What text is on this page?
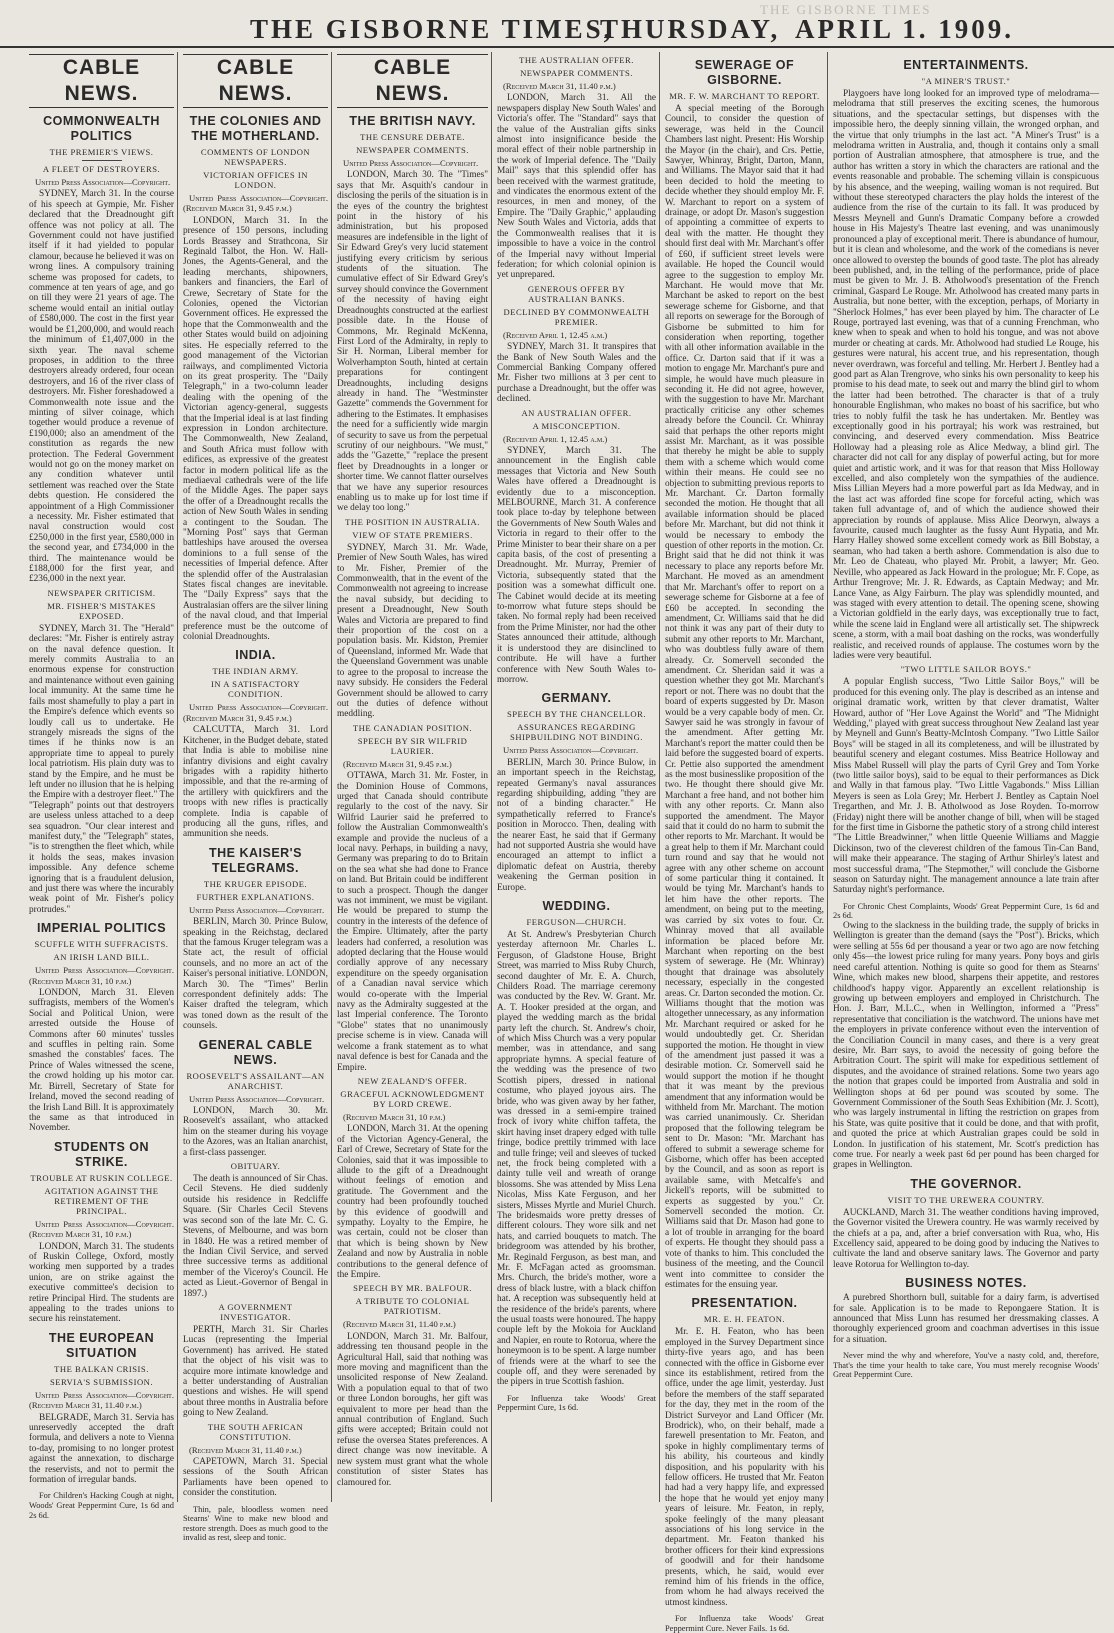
THE GISBORNE TIMES
THE GISBORNE TIMES,
THURSDAY, APRIL 1. 1909.
CABLE NEWS.
COMMONWEALTH POLITICS
THE PREMIER'S VIEWS.
A FLEET OF DESTROYERS.
United Press Association—Copyright.

SYDNEY, March 31. In the course of his speech at Gympie, Mr. Fisher declared that the Dreadnought gift offence was not policy at all. The Government could not have justified itself if it had yielded to popular clamour, because he believed it was on wrong lines. A compulsory training scheme was proposed for cadets, to commence at ten years of age, and go on till they were 21 years of age. The scheme would entail an initial outlay of £580,000. The cost in the first year would be £1,200,000, and would reach the minimum of £1,407,000 in the sixth year. The naval scheme proposes, in addition to the three destroyers already ordered, four ocean destroyers, and 16 of the river class of destroyers. Mr. Fisher foreshadowed a Commonwealth note issue and the minting of silver coinage, which together would produce a revenue of £190,000; also an amendment of the constitution as regards the new protection. The Federal Government would not go on the money market on any condition whatever until settlement was reached over the State debts question. He considered the appointment of a High Commissioner a necessity. Mr. Fisher estimated that naval construction would cost £250,000 in the first year, £580,000 in the second year, and £734,000 in the third. The maintenance would be £188,000 for the first year, and £236,000 in the next year.

NEWSPAPER CRITICISM.
MR. FISHER'S MISTAKES EXPOSED.

SYDNEY, March 31. The "Herald" declares: "Mr. Fisher is entirely astray on the naval defence question. It merely commits Australia to an enormous expense for construction and maintenance without even gaining local immunity. At the same time he fails most shamefully to play a part in the Empire's defence which events so loudly call us to undertake. He strangely misreads the signs of the times if he thinks now is an appropriate time to appeal to purely local patriotism. His plain duty was to stand by the Empire, and he must be left under no illusion that he is helping the Empire with a destroyer fleet." The "Telegraph" points out that destroyers are useless unless attached to a deep sea squadron. "Our clear interest and manifest duty," the "Telegraph" states, "is to strengthen the fleet which, while it holds the seas, makes invasion impossible. Any defence scheme ignoring that is a fraudulent delusion, and just there was where the incurably weak point of Mr. Fisher's policy protrudes."

IMPERIAL POLITICS
SCUFFLE WITH SUFFRACISTS.
AN IRISH LAND BILL.
United Press Association—Copyright. (Received March 31, 10 p.m.)

LONDON, March 31. Eleven suffragists, members of the Women's Social and Political Union, were arrested outside the House of Commons after 60 minutes' tussles and scuffles in pelting rain. Some smashed the constables' faces. The Prince of Wales witnessed the scene, the crowd holding up his motor car. Mr. Birrell, Secretary of State for Ireland, moved the second reading of the Irish Land Bill. It is approximately the same as that introduced in November.

STUDENTS ON STRIKE.
TROUBLE AT RUSKIN COLLEGE.
AGITATION AGAINST THE RETIREMENT OF THE PRINCIPAL.
United Press Association—Copyright. (Received March 31, 10 p.m.)

LONDON, March 31. The students of Ruskin College, Oxford, mostly working men supported by a trades union, are on strike against the executive committee's decision to retire Principal Hird. The students are appealing to the trades unions to secure his reinstatement.

THE EUROPEAN SITUATION
THE BALKAN CRISIS.
SERVIA'S SUBMISSION.
United Press Association—Copyright. (Received March 31, 11.40 p.m.)

BELGRADE, March 31. Servia has unreservedly accepted the draft formula, and delivers a note to Vienna to-day, promising to no longer protest against the annexation, to discharge the reservists, and not to permit the formation of irregular bands.

For Children's Hacking Cough at night, Woods' Great Peppermint Cure, 1s 6d and 2s 6d.

CABLE NEWS.
THE COLONIES AND THE MOTHERLAND.
COMMENTS OF LONDON NEWSPAPERS.
VICTORIAN OFFICES IN LONDON.
United Press Association—Copyright. (Received March 31, 9.45 p.m.)

LONDON, March 31. In the presence of 150 persons, including Lords Brassey and Strathcona, Sir Reginald Talbot, the Hon. W. Hall-Jones, the Agents-General, and the leading merchants, shipowners, bankers and financiers, the Earl of Crewe, Secretary of State for the Colonies, opened the Victorian Government offices. He expressed the hope that the Commonwealth and the other States would build on adjoining sites. He especially referred to the good management of the Victorian railways, and complimented Victoria on its great prosperity. The "Daily Telegraph," in a two-column leader dealing with the opening of the Victorian agency-general, suggests that the Imperial ideal is at last finding expression in London architecture. The Commonwealth, New Zealand, and South Africa must follow with edifices, as expressive of the greatest factor in modern political life as the mediaeval cathedrals were of the life of the Middle Ages. The paper says the offer of a Dreadnought recalls the action of New South Wales in sending a contingent to the Soudan. The "Morning Post" says that German battleships have aroused the oversea dominions to a full sense of the necessities of Imperial defence. After the splendid offer of the Australasian States fiscal changes are inevitable. The "Daily Express" says that the Australasian offers are the silver lining of the naval cloud, and that Imperial preference must be the outcome of colonial Dreadnoughts.

INDIA.
THE INDIAN ARMY.
IN A SATISFACTORY CONDITION.
United Press Association—Copyright. (Received March 31, 9.45 p.m.)

CALCUTTA, March 31. Lord Kitchener, in the Budget debate, stated that India is able to mobilise nine infantry divisions and eight cavalry brigades with a rapidity hitherto impossible, and that the re-arming of the artillery with quickfirers and the troops with new rifles is practically complete. India is capable of producing all the guns, rifles, and ammunition she needs.

THE KAISER'S TELEGRAMS.
THE KRUGER EPISODE.
FURTHER EXPLANATIONS.
United Press Association—Copyright.

BERLIN, March 30. Prince Bulow, speaking in the Reichstag, declared that the famous Kruger telegram was a State act, the result of official counsels, and no more an act of the Kaiser's personal initiative. LONDON, March 30. The "Times" Berlin correspondent definitely adds: The Kaiser drafted the telegram, which was toned down as the result of the counsels.

GENERAL CABLE NEWS.
ROOSEVELT'S ASSAILANT—AN ANARCHIST.
United Press Association—Copyright.

LONDON, March 30. Mr. Roosevelt's assailant, who attacked him on the steamer during his voyage to the Azores, was an Italian anarchist, a first-class passenger.

OBITUARY.

The death is announced of Sir Chas. Cecil Stevens. He died suddenly outside his residence in Redcliffe Square. (Sir Charles Cecil Stevens was second son of the late Mr. C. G. Stevens, of Melbourne, and was born in 1840. He was a retired member of the Indian Civil Service, and served three successive terms as additional member of the Viceroy's Council. He acted as Lieut.-Governor of Bengal in 1897.)

A GOVERNMENT INVESTIGATOR.

PERTH, March 31. Sir Charles Lucas (representing the Imperial Government) has arrived. He stated that the object of his visit was to acquire more intimate knowledge and a better understanding of Australian questions and wishes. He will spend about three months in Australia before going to New Zealand.

THE SOUTH AFRICAN CONSTITUTION.
(Received March 31, 11.40 p.m.)

CAPETOWN, March 31. Special sessions of the South African Parliaments have been opened to consider the constitution.

Thin, pale, bloodless women need Stearns' Wine to make new blood and restore strength. Does as much good to the invalid as rest, sleep and tonic.

CABLE NEWS.
THE BRITISH NAVY.
THE CENSURE DEBATE.
NEWSPAPER COMMENTS.
United Press Association—Copyright.

LONDON, March 30. The "Times" says that Mr. Asquith's candour in disclosing the perils of the situation is in the eyes of the country the brightest point in the history of his administration, but his proposed measures are indefensible in the light of Sir Edward Grey's very lucid statement justifying every criticism by serious students of the situation. The cumulative effect of Sir Edward Grey's survey should convince the Government of the necessity of having eight Dreadnoughts constructed at the earliest possible date. In the House of Commons, Mr. Reginald McKenna, First Lord of the Admiralty, in reply to Sir H. Norman, Liberal member for Wolverhampton South, hinted at certain preparations for contingent Dreadnoughts, including designs already in hand. The "Westminster Gazette" commends the Government for adhering to the Estimates. It emphasises the need for a sufficiently wide margin of security to save us from the perpetual scrutiny of our neighbours. "We must," adds the "Gazette," "replace the present fleet by Dreadnoughts in a longer or shorter time. We cannot flatter ourselves that we have any superior resources enabling us to make up for lost time if we delay too long."

THE POSITION IN AUSTRALIA.
VIEW OF STATE PREMIERS.

SYDNEY, March 31. Mr. Wade, Premier of New South Wales, has wired to Mr. Fisher, Premier of the Commonwealth, that in the event of the Commonwealth not agreeing to increase the naval subsidy, but deciding to present a Dreadnought, New South Wales and Victoria are prepared to find their proportion of the cost on a population basis. Mr. Kidston, Premier of Queensland, informed Mr. Wade that the Queensland Government was unable to agree to the proposal to increase the navy subsidy. He considers the Federal Government should be allowed to carry out the duties of defence without meddling.

THE CANADIAN POSITION.
SPEECH BY SIR WILFRID LAURIER.
(Received March 31, 9.45 p.m.)

OTTAWA, March 31. Mr. Foster, in the Dominion House of Commons, urged that Canada should contribute regularly to the cost of the navy. Sir Wilfrid Laurier said he preferred to follow the Australian Commonwealth's example and provide the nucleus of a local navy. Perhaps, in building a navy, Germany was preparing to do to Britain on the sea what she had done to France on land. But Britain could be indifferent to such a prospect. Though the danger was not imminent, we must be vigilant. He would be prepared to stump the country in the interests of the defence of the Empire. Ultimately, after the party leaders had conferred, a resolution was adopted declaring that the House would cordially approve of any necessary expenditure on the speedy organisation of a Canadian naval service which would co-operate with the Imperial navy as the Admiralty suggested at the last Imperial conference. The Toronto "Globe" states that no unanimously precise scheme is in view. Canada will welcome a frank statement as to what naval defence is best for Canada and the Empire.

NEW ZEALAND'S OFFER.
GRACEFUL ACKNOWLEDGMENT BY LORD CREWE.
(Received March 31, 10 p.m.)

LONDON, March 31. At the opening of the Victorian Agency-General, the Earl of Crewe, Secretary of State for the Colonies, said that it was impossible to allude to the gift of a Dreadnought without feelings of emotion and gratitude. The Government and the country had been profoundly touched by this evidence of goodwill and sympathy. Loyalty to the Empire, he was certain, could not be closer than that which is being shown by New Zealand and now by Australia in noble contributions to the general defence of the Empire.

SPEECH BY MR. BALFOUR.
A TRIBUTE TO COLONIAL PATRIOTISM.
(Received March 31, 11.40 p.m.)

LONDON, March 31. Mr. Balfour, addressing ten thousand people in the Agricultural Hall, said that nothing was more moving and magnificent than the unsolicited response of New Zealand. With a population equal to that of two or three London boroughs, her gift was equivalent to more per head than the annual contribution of England. Such gifts were accepted; Britain could not refuse the oversea States preferences. A direct change was now inevitable. A new system must grant what the whole constitution of sister States has clamoured for.

THE AUSTRALIAN OFFER.
NEWSPAPER COMMENTS.
(Received March 31, 11.40 p.m.)

LONDON, March 31. All the newspapers display New South Wales' and Victoria's offer. The "Standard" says that the value of the Australian gifts sinks almost into insignificance beside the moral effect of their noble partnership in the work of Imperial defence. The "Daily Mail" says that this splendid offer has been received with the warmest gratitude, and vindicates the enormous extent of the resources, in men and money, of the Empire. The "Daily Graphic," applauding New South Wales and Victoria, adds that the Commonwealth realises that it is impossible to have a voice in the control of the Imperial navy without Imperial federation; for which colonial opinion is yet unprepared.

GENEROUS OFFER BY AUSTRALIAN BANKS.
DECLINED BY COMMONWEALTH PREMIER.
(Received April 1, 12.45 a.m.)

SYDNEY, March 31. It transpires that the Bank of New South Wales and the Commercial Banking Company offered Mr. Fisher two millions at 3 per cent to purchase a Dreadnought, but the offer was declined.

AN AUSTRALIAN OFFER.
A MISCONCEPTION.
(Received April 1, 12.45 a.m.)

SYDNEY, March 31. The announcement in the English cable messages that Victoria and New South Wales have offered a Dreadnought is evidently due to a misconception. MELBOURNE, March 31. A conference took place to-day by telephone between the Governments of New South Wales and Victoria in regard to their offer to the Prime Minister to bear their share on a per capita basis, of the cost of presenting a Dreadnought. Mr. Murray, Premier of Victoria, subsequently stated that the position was a somewhat difficult one. The Cabinet would decide at its meeting to-morrow what future steps should be taken. No formal reply had been received from the Prime Minister, nor had the other States announced their attitude, although it is understood they are disinclined to contribute. He will have a further conference with New South Wales to-morrow.

GERMANY.
SPEECH BY THE CHANCELLOR.
ASSURANCES REGARDING SHIPBUILDING NOT BINDING.
United Press Association—Copyright.

BERLIN, March 30. Prince Bulow, in an important speech in the Reichstag, repeated Germany's naval assurances regarding shipbuilding, adding "they are not of a binding character." He sympathetically referred to France's position in Morocco. Then, dealing with the nearer East, he said that if Germany had not supported Austria she would have encouraged an attempt to inflict a diplomatic defeat on Austria, thereby weakening the German position in Europe.

WEDDING.
FERGUSON—CHURCH.

At St. Andrew's Presbyterian Church yesterday afternoon Mr. Charles L. Ferguson, of Gladstone House, Bright Street, was married to Miss Ruby Church, second daughter of Mr. E. A. Church, Childers Road. The marriage ceremony was conducted by the Rev. W. Grant. Mr. A. T. Hooker presided at the organ, and played the wedding march as the bridal party left the church. St. Andrew's choir, of which Miss Church was a very popular member, was in attendance, and sang appropriate hymns. A special feature of the wedding was the presence of two Scottish pipers, dressed in national costume, who played joyous airs. The bride, who was given away by her father, was dressed in a semi-empire trained frock of ivory white chiffon taffeta, the skirt having inset drapery edged with tulle fringe, bodice prettily trimmed with lace and tulle fringe; veil and sleeves of tucked net, the frock being completed with a dainty tulle veil and wreath of orange blossoms. She was attended by Miss Lena Nicolas, Miss Kate Ferguson, and her sisters, Misses Myrtle and Muriel Church. The bridesmaids wore pretty dresses of different colours. They wore silk and net hats, and carried bouquets to match. The bridegroom was attended by his brother, Mr. Reginald Ferguson, as best man, and Mr. F. McFagan acted as groomsman. Mrs. Church, the bride's mother, wore a dress of black lustre, with a black chiffon hat. A reception was subsequently held at the residence of the bride's parents, where the usual toasts were honoured. The happy couple left by the Mokoia for Auckland and Napier, en route to Rotorua, where the honeymoon is to be spent. A large number of friends were at the wharf to see the couple off, and they were serenaded by the pipers in true Scottish fashion.

For Influenza take Woods' Great Peppermint Cure, 1s 6d.

SEWERAGE OF GISBORNE.
MR. F. W. MARCHANT TO REPORT.

A special meeting of the Borough Council, to consider the question of sewerage, was held in the Council Chambers last night. Present: His Worship the Mayor (in the chair), and Crs. Pettie, Sawyer, Whinray, Bright, Darton, Mann, and Williams. The Mayor said that it had been decided to hold the meeting to decide whether they should employ Mr. F. W. Marchant to report on a system of drainage, or adopt Dr. Mason's suggestion of appointing a committee of experts to deal with the matter. He thought they should first deal with Mr. Marchant's offer of £60, if sufficient street levels were available. He hoped the Council would agree to the suggestion to employ Mr. Marchant. He would move that Mr. Marchant be asked to report on the best sewerage scheme for Gisborne, and that all reports on sewerage for the Borough of Gisborne be submitted to him for consideration when reporting, together with all other information available in the office. Cr. Darton said that if it was a motion to engage Mr. Marchant's pure and simple, he would have much pleasure in seconding it. He did not agree, however, with the suggestion to have Mr. Marchant practically criticise any other schemes already before the Council. Cr. Whinray said that perhaps the other reports might assist Mr. Marchant, as it was possible that thereby he might be able to supply them with a scheme which would come within their means. He could see no objection to submitting previous reports to Mr. Marchant. Cr. Darton formally seconded the motion. He thought that all available information should be placed before Mr. Marchant, but did not think it would be necessary to embody the question of other reports in the motion. Cr. Bright said that he did not think it was necessary to place any reports before Mr. Marchant. He moved as an amendment that Mr. Marchant's offer to report on a sewerage scheme for Gisborne at a fee of £60 be accepted. In seconding the amendment, Cr. Williams said that he did not think it was any part of their duty to submit any other reports to Mr. Marchant, who was doubtless fully aware of them already. Cr. Somervell seconded the amendment. Cr. Sheridan said it was a question whether they got Mr. Marchant's report or not. There was no doubt that the board of experts suggested by Dr. Mason would be a very capable body of men. Cr. Sawyer said he was strongly in favour of the amendment. After getting Mr. Marchant's report the matter could then be laid before the suggested board of experts. Cr. Pettie also supported the amendment as the most businesslike proposition of the two. He thought there should give Mr. Marchant a free hand, and not bother him with any other reports. Cr. Mann also supported the amendment. The Mayor said that it could do no harm to submit the other reports to Mr. Marchant. It would be a great help to them if Mr. Marchant could turn round and say that he would not agree with any other scheme on account of some particular thing it contained. It would be tying Mr. Marchant's hands to let him have the other reports. The amendment, on being put to the meeting, was carried by six votes to four. Cr. Whinray moved that all available information be placed before Mr. Marchant when reporting on the best system of sewerage. He (Mr. Whinray) thought that drainage was absolutely necessary, especially in the congested areas. Cr. Darton seconded the motion. Cr. Williams thought that the motion was altogether unnecessary, as any information Mr. Marchant required or asked for he would undoubtedly get. Cr. Sheridan supported the motion. He thought in view of the amendment just passed it was a desirable motion. Cr. Somervell said he would support the motion if he thought that it was meant by the previous amendment that any information would be withheld from Mr. Marchant. The motion was carried unanimously. Cr. Sheridan proposed that the following telegram be sent to Dr. Mason: "Mr. Marchant has offered to submit a sewerage scheme for Gisborne, which offer has been accepted by the Council, and as soon as report is available same, with Metcalfe's and Jickell's reports, will be submitted to experts as suggested by you." Cr. Somervell seconded the motion. Cr. Williams said that Dr. Mason had gone to a lot of trouble in arranging for the board of experts. He thought they should pass a vote of thanks to him. This concluded the business of the meeting, and the Council went into committee to consider the estimates for the ensuing year.

PRESENTATION.
MR. E. H. FEATON.

Mr. E. H. Featon, who has been employed in the Survey Department since thirty-five years ago, and has been connected with the office in Gisborne ever since its establishment, retired from the office, under the age limit, yesterday. Just before the members of the staff separated for the day, they met in the room of the District Surveyor and Land Officer (Mr. Brodrick), who, on their behalf, made a farewell presentation to Mr. Featon, and spoke in highly complimentary terms of his ability, his courteous and kindly disposition, and his popularity with his fellow officers. He trusted that Mr. Featon had had a very happy life, and expressed the hope that he would yet enjoy many years of leisure. Mr. Featon, in reply, spoke feelingly of the many pleasant associations of his long service in the department. Mr. Featon thanked his brother officers for their kind expressions of goodwill and for their handsome presents, which, he said, would ever remind him of his friends in the office, from whom he had always received the utmost kindness.

For Influenza take Woods' Great Peppermint Cure. Never Fails. 1s 6d.

ENTERTAINMENTS.
"A MINER'S TRUST."

Playgoers have long looked for an improved type of melodrama—melodrama that still preserves the exciting scenes, the humorous situations, and the spectacular settings, but dispenses with the impossible hero, the deeply sinning villain, the wronged orphan, and the virtue that only triumphs in the last act. "A Miner's Trust" is a melodrama written in Australia, and, though it contains only a small portion of Australian atmosphere, that atmosphere is true, and the author has written a story in which the characters are rational and the events reasonable and probable. The scheming villain is conspicuous by his absence, and the weeping, wailing woman is not required. But without these stereotyped characters the play holds the interest of the audience from the rise of the curtain to its fall. It was produced by Messrs Meynell and Gunn's Dramatic Company before a crowded house in His Majesty's Theatre last evening, and was unanimously pronounced a play of exceptional merit. There is abundance of humour, but it is clean and wholesome, and the work of the comedians is never once allowed to overstep the bounds of good taste. The plot has already been published, and, in the telling of the performance, pride of place must be given to Mr. J. B. Atholwood's presentation of the French criminal, Gaspard Le Rouge. Mr. Atholwood has created many parts in Australia, but none better, with the exception, perhaps, of Moriarty in "Sherlock Holmes," has ever been played by him. The character of Le Rouge, portrayed last evening, was that of a cunning Frenchman, who knew when to speak and when to hold his tongue, and was not above murder or cheating at cards. Mr. Atholwood had studied Le Rouge, his gestures were natural, his accent true, and his representation, though never overdrawn, was forceful and telling. Mr. Herbert J. Bentley had a good part as Alan Trengrove, who sinks his own personality to keep his promise to his dead mate, to seek out and marry the blind girl to whom the latter had been betrothed. The character is that of a truly honourable Englishman, who makes no boast of his sacrifice, but who tries to nobly fulfil the task he has undertaken. Mr. Bentley was exceptionally good in his portrayal; his work was restrained, but convincing, and deserved every commendation. Miss Beatrice Holloway had a pleasing role as Alice Medway, a blind girl. The character did not call for any display of powerful acting, but for more quiet and artistic work, and it was for that reason that Miss Holloway excelled, and also completely won the sympathies of the audience. Miss Lillian Meyers had a more powerful part as Ida Medway, and in the last act was afforded fine scope for forceful acting, which was taken full advantage of, and of which the audience showed their appreciation by rounds of applause. Miss Alice Deorwyn, always a favourite, caused much laughter as the fussy Aunt Hypatia, and Mr. Harry Halley showed some excellent comedy work as Bill Bobstay, a seaman, who had taken a berth ashore. Commendation is also due to Mr. Leo de Chateau, who played Mr. Probit, a lawyer; Mr. Geo. Neville, who appeared as Jack Howard in the prologue; Mr. F. Cope, as Arthur Trengrove; Mr. J. R. Edwards, as Captain Medway; and Mr. Lance Vane, as Algy Fairburn. The play was splendidly mounted, and was staged with every attention to detail. The opening scene, showing a Victorian goldfield in the early days, was exceptionally true to fact, while the scene laid in England were all artistically set. The shipwreck scene, a storm, with a mail boat dashing on the rocks, was wonderfully realistic, and received rounds of applause. The costumes worn by the ladies were very beautiful.

"TWO LITTLE SAILOR BOYS."

A popular English success, "Two Little Sailor Boys," will be produced for this evening only. The play is described as an intense and original dramatic work, written by that clever dramatist, Walter Howard, author of "Her Love Against the World" and "The Midnight Wedding," played with great success throughout New Zealand last year by Meynell and Gunn's Beatty-McIntosh Company. "Two Little Sailor Boys" will be staged in all its completeness, and will be illustrated by beautiful scenery and elegant costumes. Miss Beatrice Holloway and Miss Mabel Russell will play the parts of Cyril Grey and Tom Yorke (two little sailor boys), said to be equal to their performances as Dick and Wally in that famous play. "Two Little Vagabonds." Miss Lillian Meyers is seen as Lola Grey; Mr. Herbert J. Bentley as Captain Noel Tregarthen, and Mr. J. B. Atholwood as Jose Royden. To-morrow (Friday) night there will be another change of bill, when will be staged for the first time in Gisborne the pathetic story of a strong child interest "The Little Breadwinner," when little Queenie Williams and Maggie Dickinson, two of the cleverest children of the famous Tin-Can Band, will make their appearance. The staging of Arthur Shirley's latest and most successful drama, "The Stepmother," will conclude the Gisborne season on Saturday night. The management announce a late train after Saturday night's performance.

For Chronic Chest Complaints, Woods' Great Peppermint Cure, 1s 6d and 2s 6d.

Owing to the slackness in the building trade, the supply of bricks in Wellington is greater than the demand (says the "Post"). Bricks, which were selling at 55s 6d per thousand a year or two ago are now fetching only 45s—the lowest price ruling for many years. Pony boys and girls need careful attention. Nothing is quite so good for them as Stearns' Wine, which makes new blood, sharpens their appetite, and restores childhood's happy vigor. Apparently an excellent relationship is growing up between employers and employed in Christchurch. The Hon. J. Barr, M.L.C., when in Wellington, informed a "Press" representative that conciliation is the watchword. The unions have met the employers in private conference without even the intervention of the Conciliation Council in many cases, and there is a very great desire, Mr. Barr says, to avoid the necessity of going before the Arbitration Court. The spirit will make for expeditious settlement of disputes, and the avoidance of strained relations. Some two years ago the notion that grapes could be imported from Australia and sold in Wellington shops at 6d per pound was scouted by some. The Government Commissioner of the South Seas Exhibition (Mr. J. Scott), who was largely instrumental in lifting the restriction on grapes from his State, was quite positive that it could be done, and that with profit, and quoted the price at which Australian grapes could be sold in London. In justification of his statement, Mr. Scott's prediction has come true. For nearly a week past 6d per pound has been charged for grapes in Wellington.

THE GOVERNOR.
VISIT TO THE UREWERA COUNTRY.

AUCKLAND, March 31. The weather conditions having improved, the Governor visited the Urewera country. He was warmly received by the chiefs at a pa, and, after a brief conversation with Rua, who, His Excellency said, appeared to be doing good by inducing the Natives to cultivate the land and observe sanitary laws. The Governor and party leave Rotorua for Wellington to-day.

BUSINESS NOTES.

A purebred Shorthorn bull, suitable for a dairy farm, is advertised for sale. Application is to be made to Repongaere Station. It is announced that Miss Lunn has resumed her dressmaking classes. A thoroughly experienced groom and coachman advertises in this issue for a situation.

Never mind the why and wherefore, You've a nasty cold, and, therefore, That's the time your health to take care, You must merely recognise Woods' Great Peppermint Cure.
